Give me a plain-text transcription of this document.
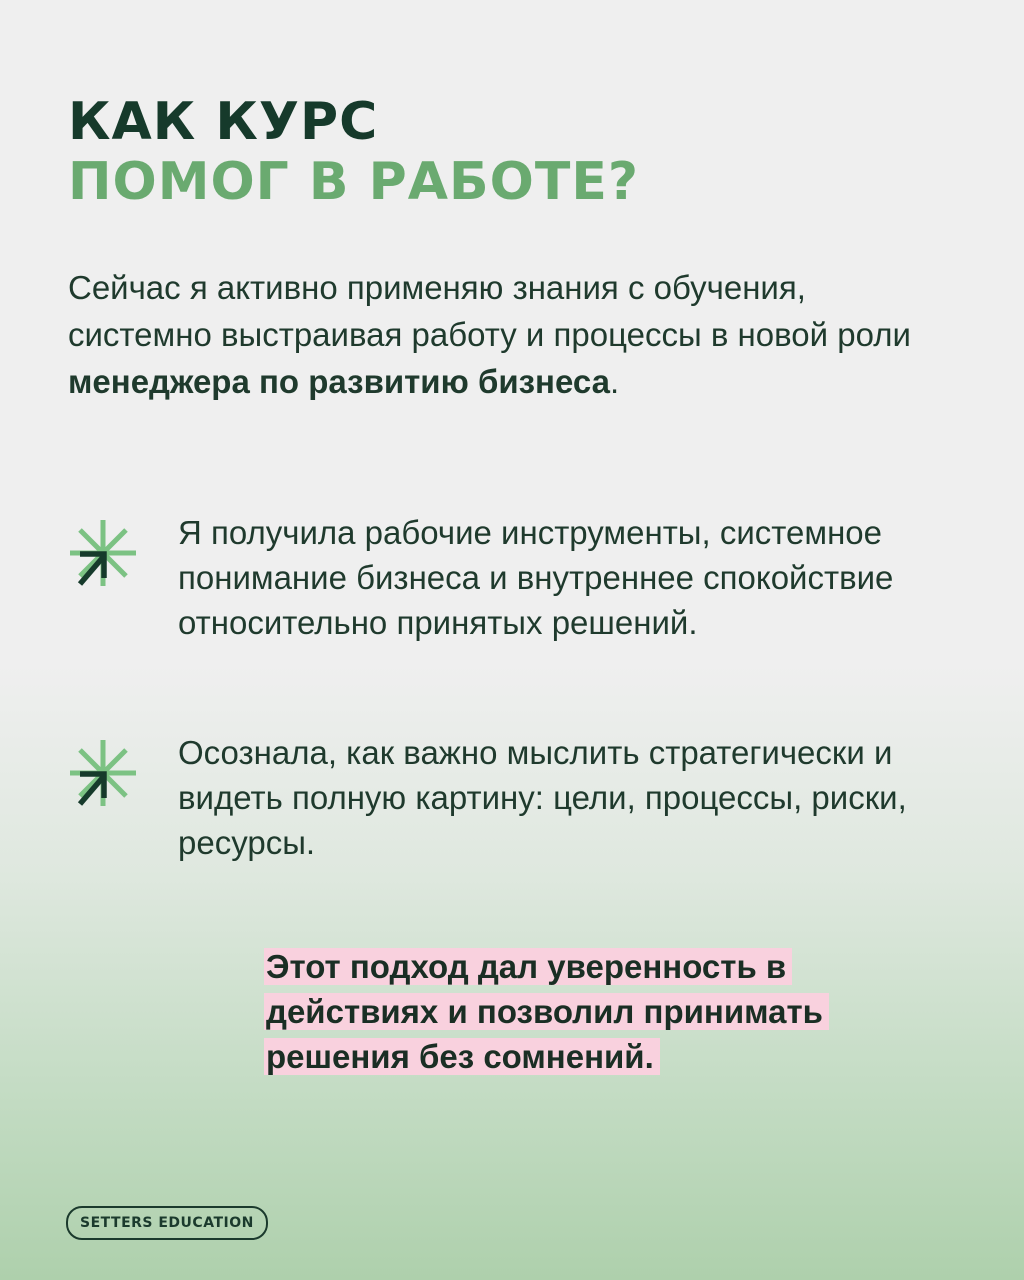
КАК КУРС
ПОМОГ В РАБОТЕ?

Сейчас я активно применяю знания с обучения, системно выстраивая работу и процессы в новой роли менеджера по развитию бизнеса.

Я получила рабочие инструменты, системное понимание бизнеса и внутреннее спокойствие относительно принятых решений.
Осознала, как важно мыслить стратегически и видеть полную картину: цели, процессы, риски, ресурсы.
Этот подход дал уверенность в действиях и позволил принимать решения без сомнений.
SETTERS EDUCATION
